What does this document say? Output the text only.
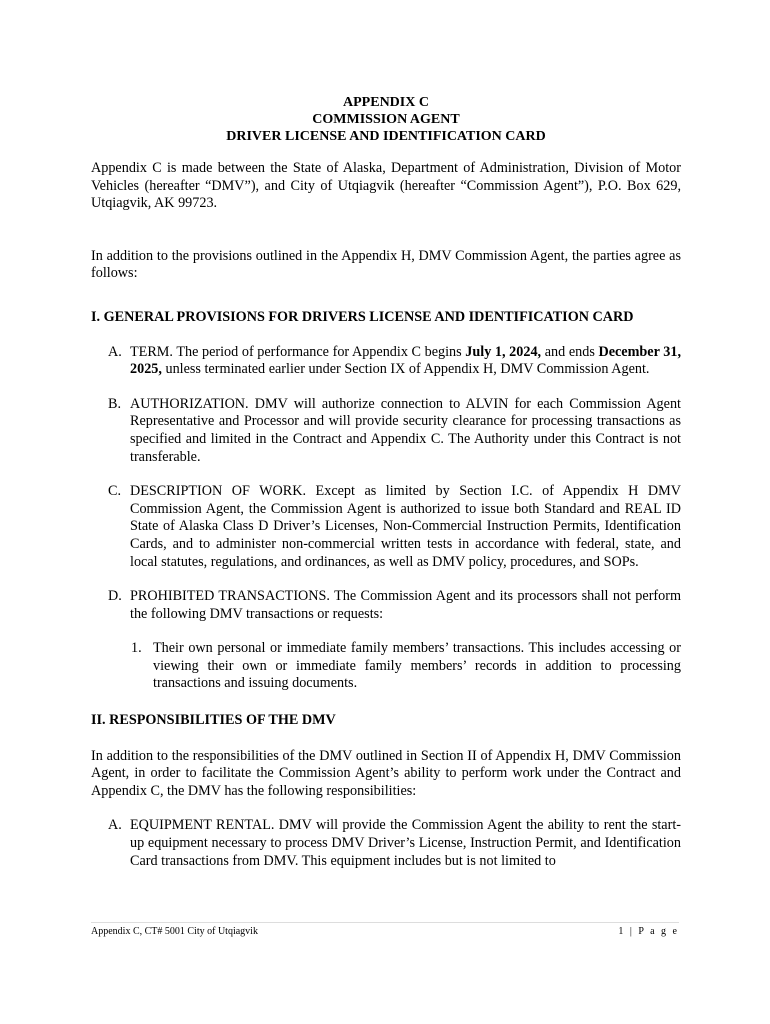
APPENDIX C
COMMISSION AGENT
DRIVER LICENSE AND IDENTIFICATION CARD

Appendix C is made between the State of Alaska, Department of Administration, Division of Motor Vehicles (hereafter “DMV”), and City of Utqiagvik (hereafter “Commission Agent”), P.O. Box 629, Utqiagvik, AK 99723.

In addition to the provisions outlined in the Appendix H, DMV Commission Agent, the parties agree as follows:

I. GENERAL PROVISIONS FOR DRIVERS LICENSE AND IDENTIFICATION CARD
A. TERM. The period of performance for Appendix C begins July 1, 2024, and ends December 31, 2025, unless terminated earlier under Section IX of Appendix H, DMV Commission Agent.
B. AUTHORIZATION. DMV will authorize connection to ALVIN for each Commission Agent Representative and Processor and will provide security clearance for processing transactions as specified and limited in the Contract and Appendix C. The Authority under this Contract is not transferable.
C. DESCRIPTION OF WORK. Except as limited by Section I.C. of Appendix H DMV Commission Agent, the Commission Agent is authorized to issue both Standard and REAL ID State of Alaska Class D Driver’s Licenses, Non-Commercial Instruction Permits, Identification Cards, and to administer non-commercial written tests in accordance with federal, state, and local statutes, regulations, and ordinances, as well as DMV policy, procedures, and SOPs.
D. PROHIBITED TRANSACTIONS. The Commission Agent and its processors shall not perform the following DMV transactions or requests:
1. Their own personal or immediate family members’ transactions. This includes accessing or viewing their own or immediate family members’ records in addition to processing transactions and issuing documents.
II. RESPONSIBILITIES OF THE DMV

In addition to the responsibilities of the DMV outlined in Section II of Appendix H, DMV Commission Agent, in order to facilitate the Commission Agent’s ability to perform work under the Contract and Appendix C, the DMV has the following responsibilities:

A. EQUIPMENT RENTAL. DMV will provide the Commission Agent the ability to rent the start-up equipment necessary to process DMV Driver’s License, Instruction Permit, and Identification Card transactions from DMV. This equipment includes but is not limited to
Appendix C, CT# 5001 City of Utqiagvik	1 | P a g e
